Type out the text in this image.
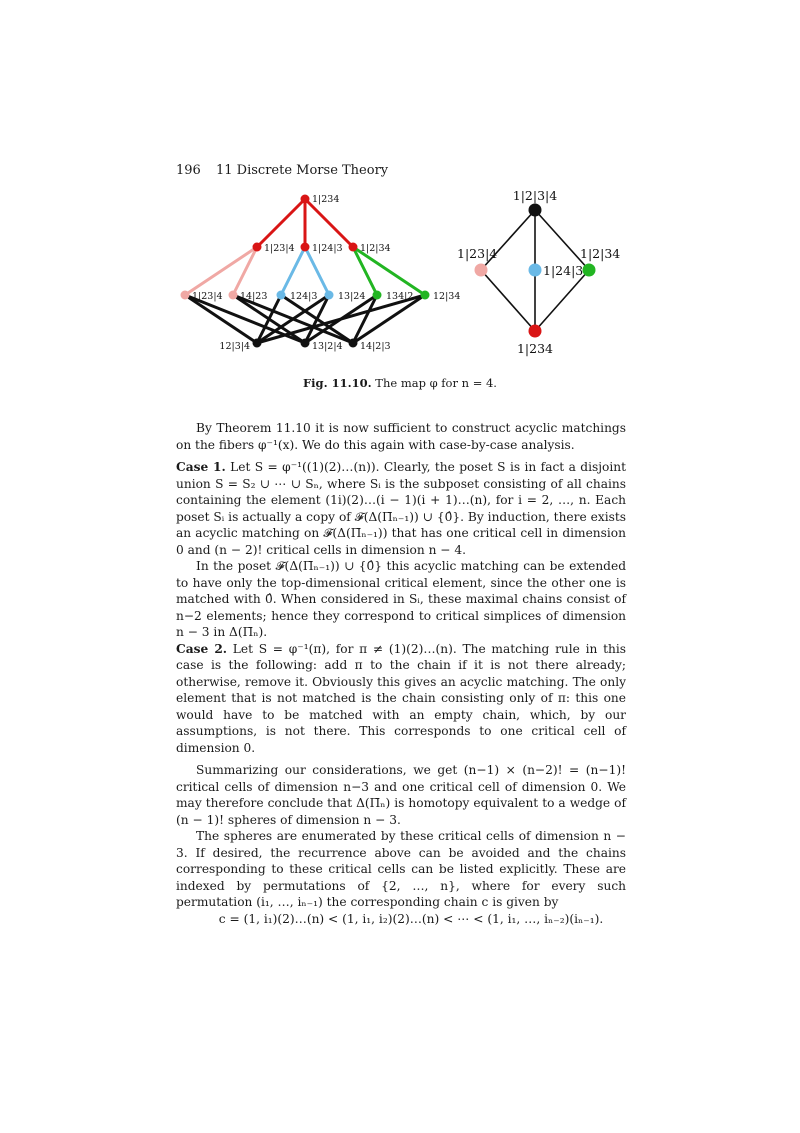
196 11 Discrete Morse Theory
1|234
1|23|4 1|24|3 1|2|34
1|23|4 14|23 124|3 13|24 134|2 12|34
12|3|4	13|2|4 14|2|3
1|2|3|4
1|23|4
1|24|3
1|2|34
1|234
Fig. 11.10. The map φ for n = 4.

By Theorem 11.10 it is now sufficient to construct acyclic matchings on the fibers φ⁻¹(x). We do this again with case-by-case analysis.

Case 1. Let S = φ⁻¹((1)(2)…(n)). Clearly, the poset S is in fact a disjoint union S = S₂ ∪ ⋯ ∪ Sₙ, where Sᵢ is the subposet consisting of all chains containing the element (1i)(2)…(i − 1)(i + 1)…(n), for i = 2, …, n. Each poset Sᵢ is actually a copy of 𝓕(Δ(Π̄ₙ₋₁)) ∪ {0̂}. By induction, there exists an acyclic matching on 𝓕(Δ(Π̄ₙ₋₁)) that has one critical cell in dimension 0 and (n − 2)! critical cells in dimension n − 4.

In the poset 𝓕(Δ(Π̄ₙ₋₁)) ∪ {0̂} this acyclic matching can be extended to have only the top-dimensional critical element, since the other one is matched with 0̂. When considered in Sᵢ, these maximal chains consist of n−2 elements; hence they correspond to critical simplices of dimension n − 3 in Δ(Π̄ₙ).

Case 2. Let S = φ⁻¹(π), for π ≠ (1)(2)…(n). The matching rule in this case is the following: add π to the chain if it is not there already; otherwise, remove it. Obviously this gives an acyclic matching. The only element that is not matched is the chain consisting only of π: this one would have to be matched with an empty chain, which, by our assumptions, is not there. This corresponds to one critical cell of dimension 0.

Summarizing our considerations, we get (n−1) × (n−2)! = (n−1)! critical cells of dimension n−3 and one critical cell of dimension 0. We may therefore conclude that Δ(Π̄ₙ) is homotopy equivalent to a wedge of (n − 1)! spheres of dimension n − 3.

The spheres are enumerated by these critical cells of dimension n − 3. If desired, the recurrence above can be avoided and the chains corresponding to these critical cells can be listed explicitly. These are indexed by permutations of {2, …, n}, where for every such permutation (i₁, …, iₙ₋₁) the corresponding chain c is given by

c = (1, i₁)(2)…(n) < (1, i₁, i₂)(2)…(n) < ⋯ < (1, i₁, …, iₙ₋₂)(iₙ₋₁).
